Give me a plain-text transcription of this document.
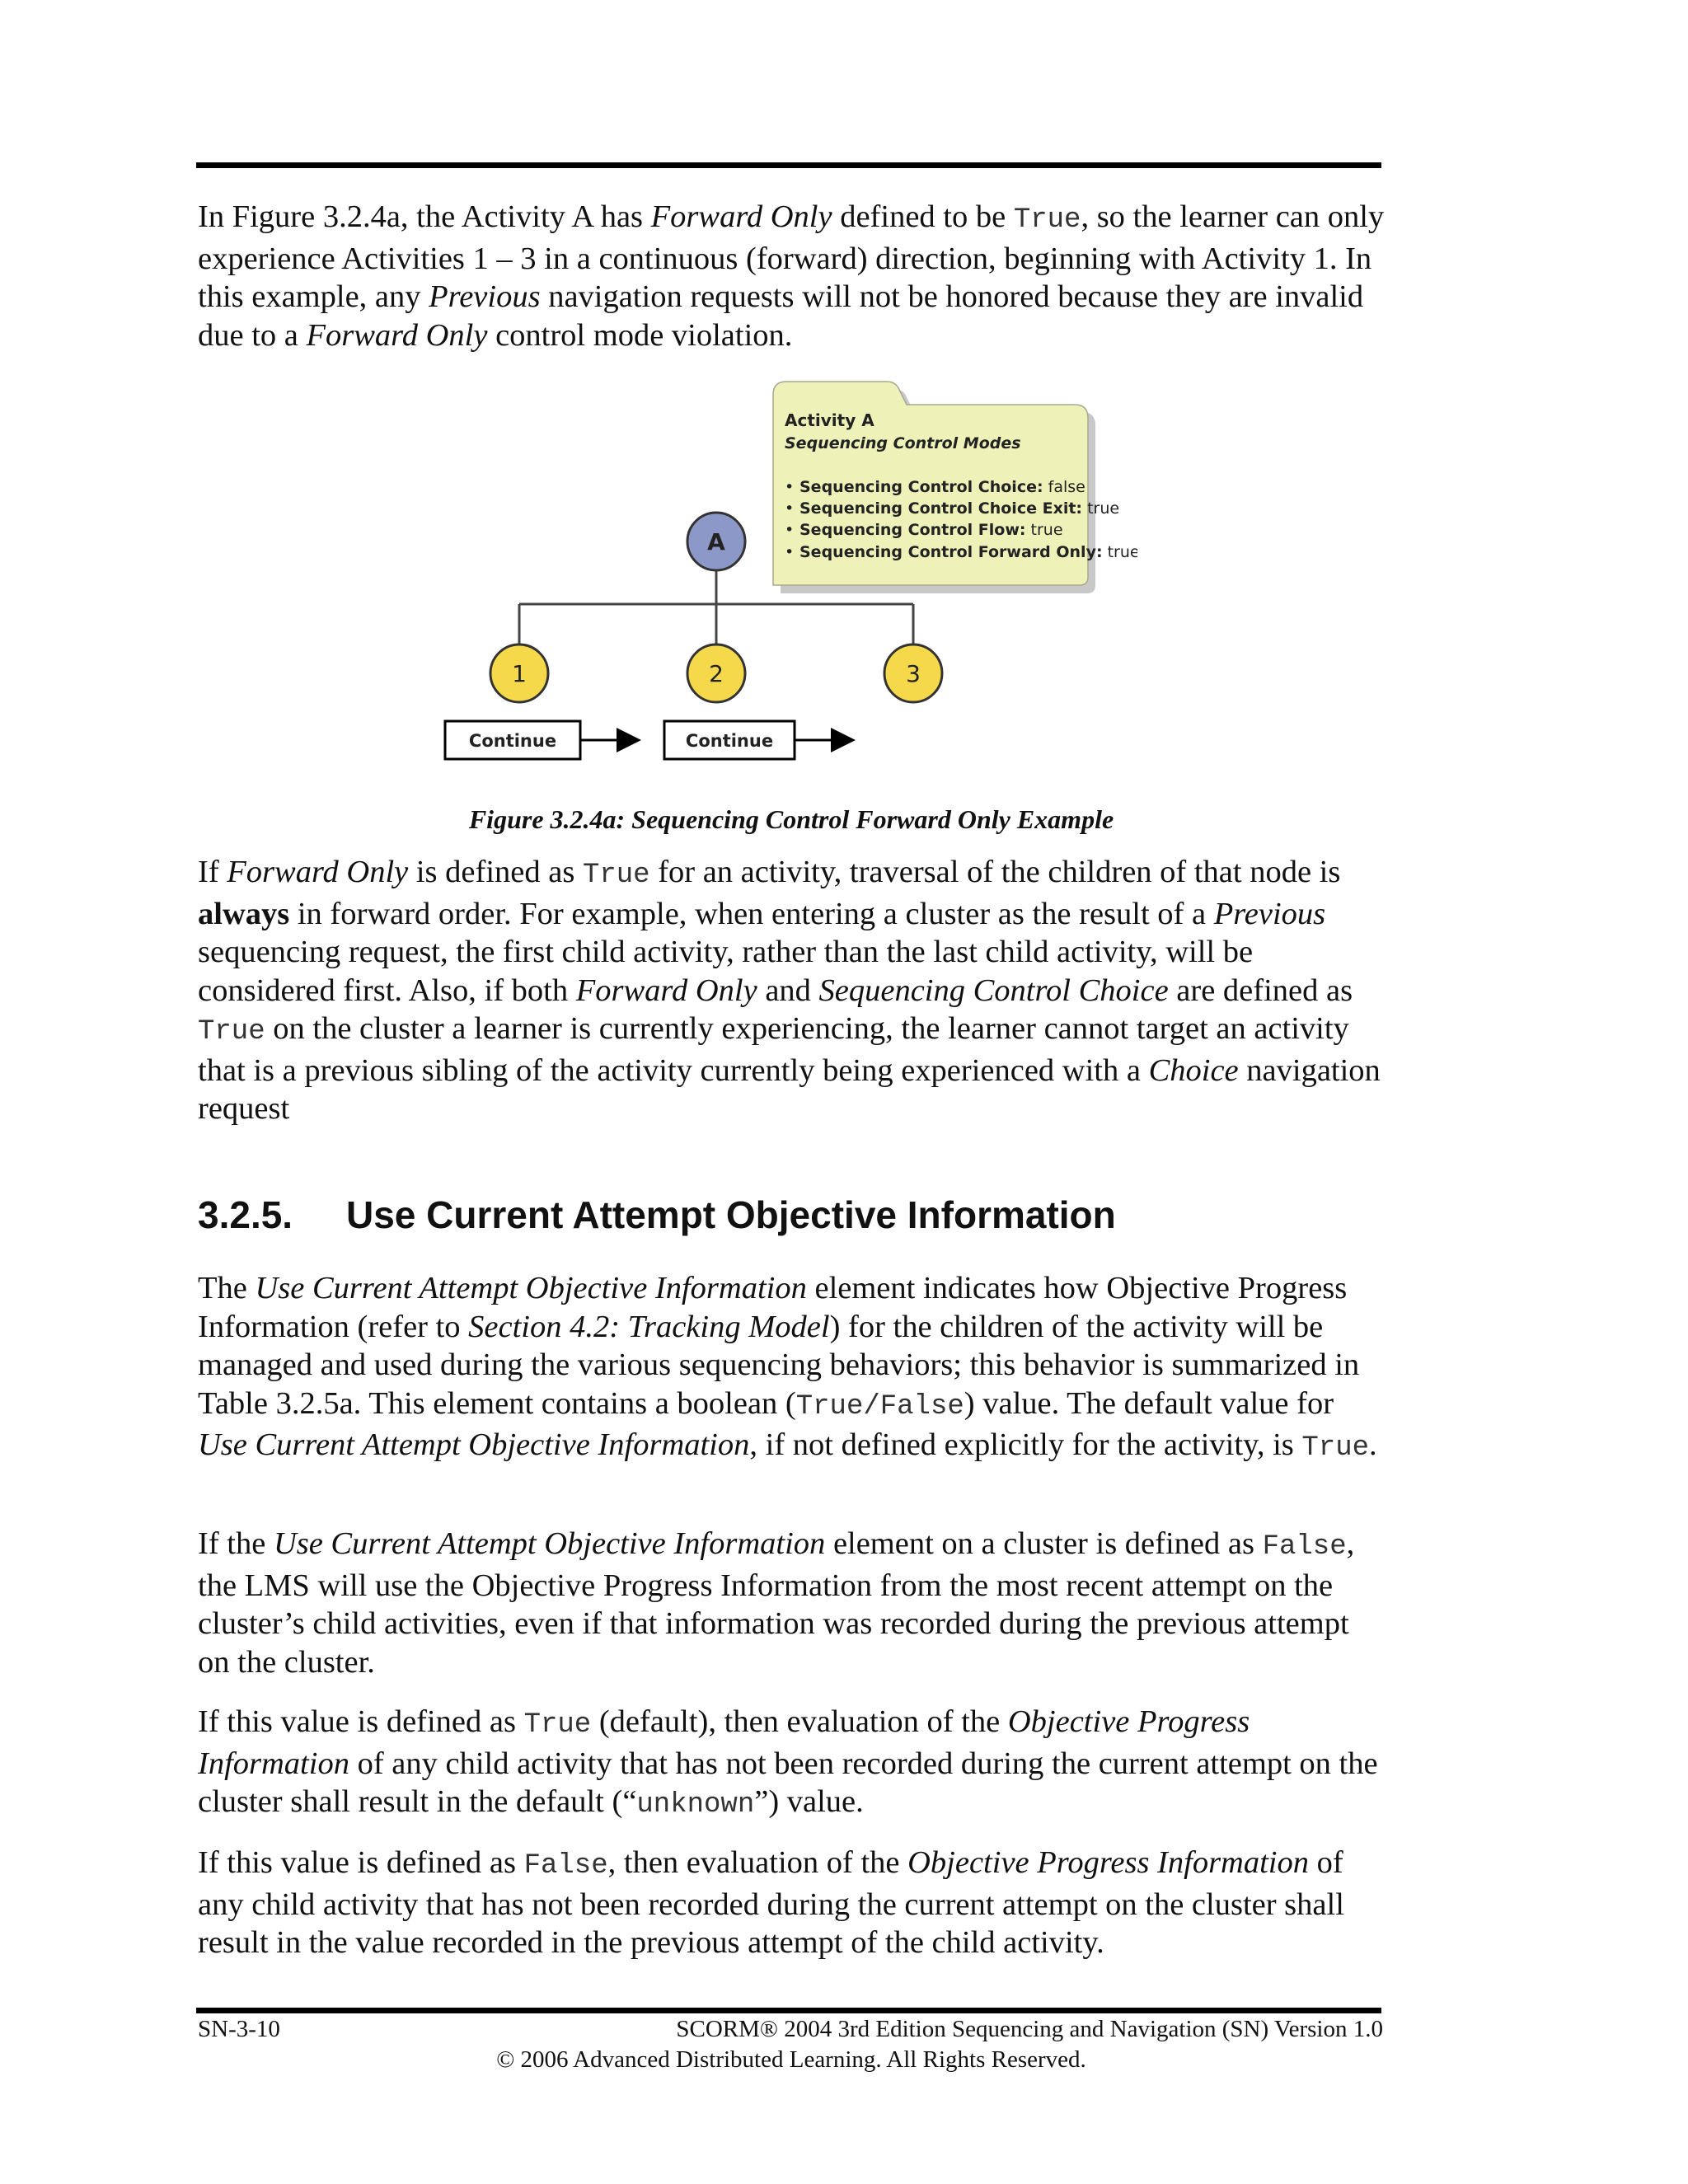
In Figure 3.2.4a, the Activity A has Forward Only defined to be True, so the learner can only experience Activities 1 – 3 in a continuous (forward) direction, beginning with Activity 1. In this example, any Previous navigation requests will not be honored because they are invalid due to a Forward Only control mode violation.

Activity A
Sequencing Control Modes
• Sequencing Control Choice: false
• Sequencing Control Choice Exit: true
• Sequencing Control Flow: true
• Sequencing Control Forward Only: true
A
1	2	3
Continue	Continue

Figure 3.2.4a: Sequencing Control Forward Only Example

If Forward Only is defined as True for an activity, traversal of the children of that node is always in forward order. For example, when entering a cluster as the result of a Previous sequencing request, the first child activity, rather than the last child activity, will be considered first. Also, if both Forward Only and Sequencing Control Choice are defined as True on the cluster a learner is currently experiencing, the learner cannot target an activity that is a previous sibling of the activity currently being experienced with a Choice navigation request

3.2.5. Use Current Attempt Objective Information

The Use Current Attempt Objective Information element indicates how Objective Progress Information (refer to Section 4.2: Tracking Model) for the children of the activity will be managed and used during the various sequencing behaviors; this behavior is summarized in Table 3.2.5a. This element contains a boolean (True/False) value. The default value for Use Current Attempt Objective Information, if not defined explicitly for the activity, is True.

If the Use Current Attempt Objective Information element on a cluster is defined as False, the LMS will use the Objective Progress Information from the most recent attempt on the cluster’s child activities, even if that information was recorded during the previous attempt on the cluster.

If this value is defined as True (default), then evaluation of the Objective Progress Information of any child activity that has not been recorded during the current attempt on the cluster shall result in the default (“unknown”) value.

If this value is defined as False, then evaluation of the Objective Progress Information of any child activity that has not been recorded during the current attempt on the cluster shall result in the value recorded in the previous attempt of the child activity.

SN-3-10	SCORM® 2004 3rd Edition Sequencing and Navigation (SN) Version 1.0
© 2006 Advanced Distributed Learning. All Rights Reserved.
